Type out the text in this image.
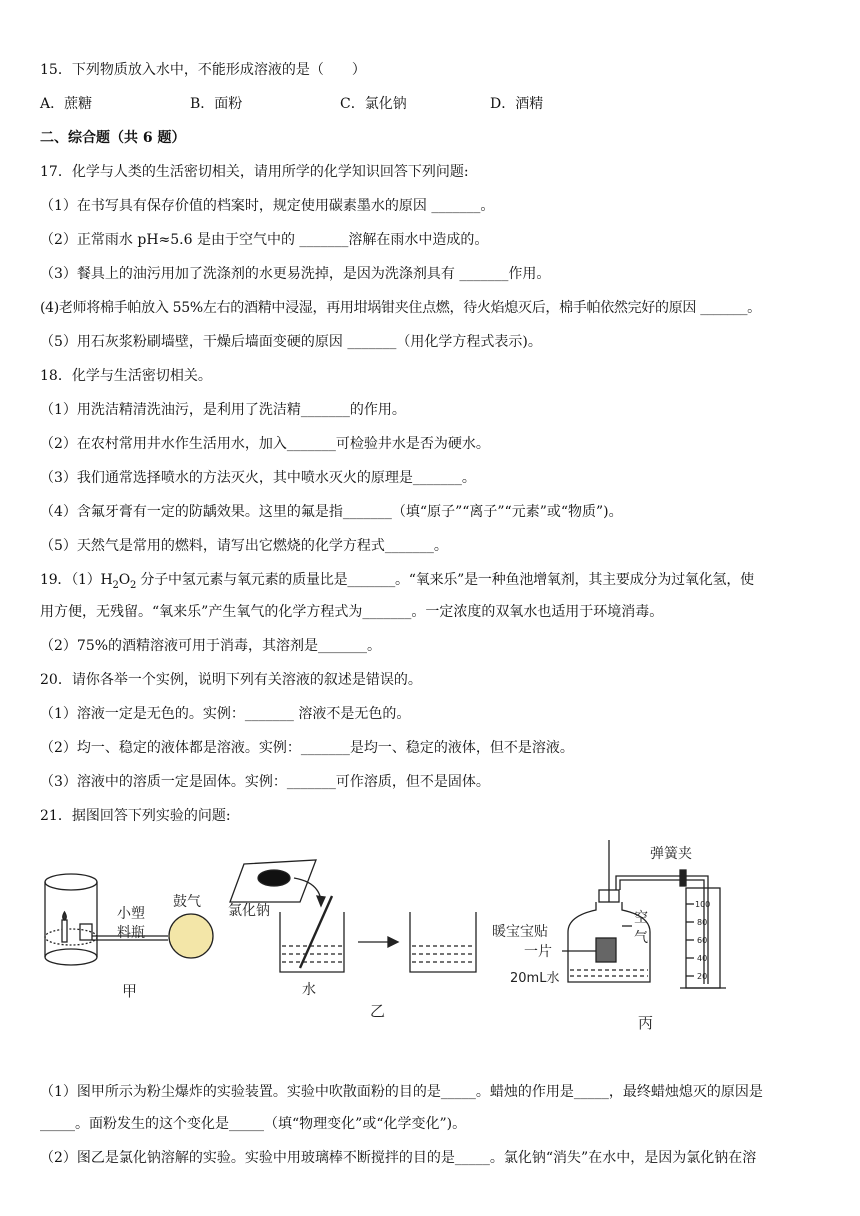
15．下列物质放入水中，不能形成溶液的是（　　）
A．蔗糖	B．面粉	C．氯化钠	D．酒精
二、综合题（共 6 题）
17．化学与人类的生活密切相关，请用所学的化学知识回答下列问题:
（1）在书写具有保存价值的档案时，规定使用碳素墨水的原因 _______。
（2）正常雨水 pH≈5.6 是由于空气中的 _______溶解在雨水中造成的。
（3）餐具上的油污用加了洗涤剂的水更易洗掉，是因为洗涤剂具有 _______作用。
(4)老师将棉手帕放入 55%左右的酒精中浸湿，再用坩埚钳夹住点燃，待火焰熄灭后，棉手帕依然完好的原因 _______。
（5）用石灰浆粉刷墙壁，干燥后墙面变硬的原因 _______（用化学方程式表示)。
18．化学与生活密切相关。
（1）用洗洁精清洗油污，是利用了洗洁精_______的作用。
（2）在农村常用井水作生活用水，加入_______可检验井水是否为硬水。
（3）我们通常选择喷水的方法灭火，其中喷水灭火的原理是_______。
（4）含氟牙膏有一定的防龋效果。这里的氟是指_______（填“原子”“离子”“元素”或“物质”)。
（5）天然气是常用的燃料，请写出它燃烧的化学方程式_______。
19．$(1)H_2O_2$ 分子中氢元素与氧元素的质量比是_______。“氧来乐”是一种鱼池增氧剂，其主要成分为过氧化氢，使
用方便，无残留。“氧来乐”产生氧气的化学方程式为_______。一定浓度的双氧水也适用于环境消毒。
（2）75%的酒精溶液可用于消毒，其溶剂是_______。
20．请你各举一个实例，说明下列有关溶液的叙述是错误的。
（1）溶液一定是无色的。实例：_______ 溶液不是无色的。
（2）均一、稳定的液体都是溶液。实例：_______是均一、稳定的液体，但不是溶液。
（3）溶液中的溶质一定是固体。实例：_______可作溶质，但不是固体。
21．据图回答下列实验的问题:
小塑
料瓶
鼓气
甲
氯化钠
水
乙
弹簧夹
暖宝宝贴
一片
20mL水
空
气
100
80
60
40
20
丙
（1）图甲所示为粉尘爆炸的实验装置。实验中吹散面粉的目的是_____。蜡烛的作用是_____，最终蜡烛熄灭的原因是
_____。面粉发生的这个变化是_____（填“物理变化”或“化学变化”)。
（2）图乙是氯化钠溶解的实验。实验中用玻璃棒不断搅拌的目的是_____。氯化钠“消失”在水中，是因为氯化钠在溶
